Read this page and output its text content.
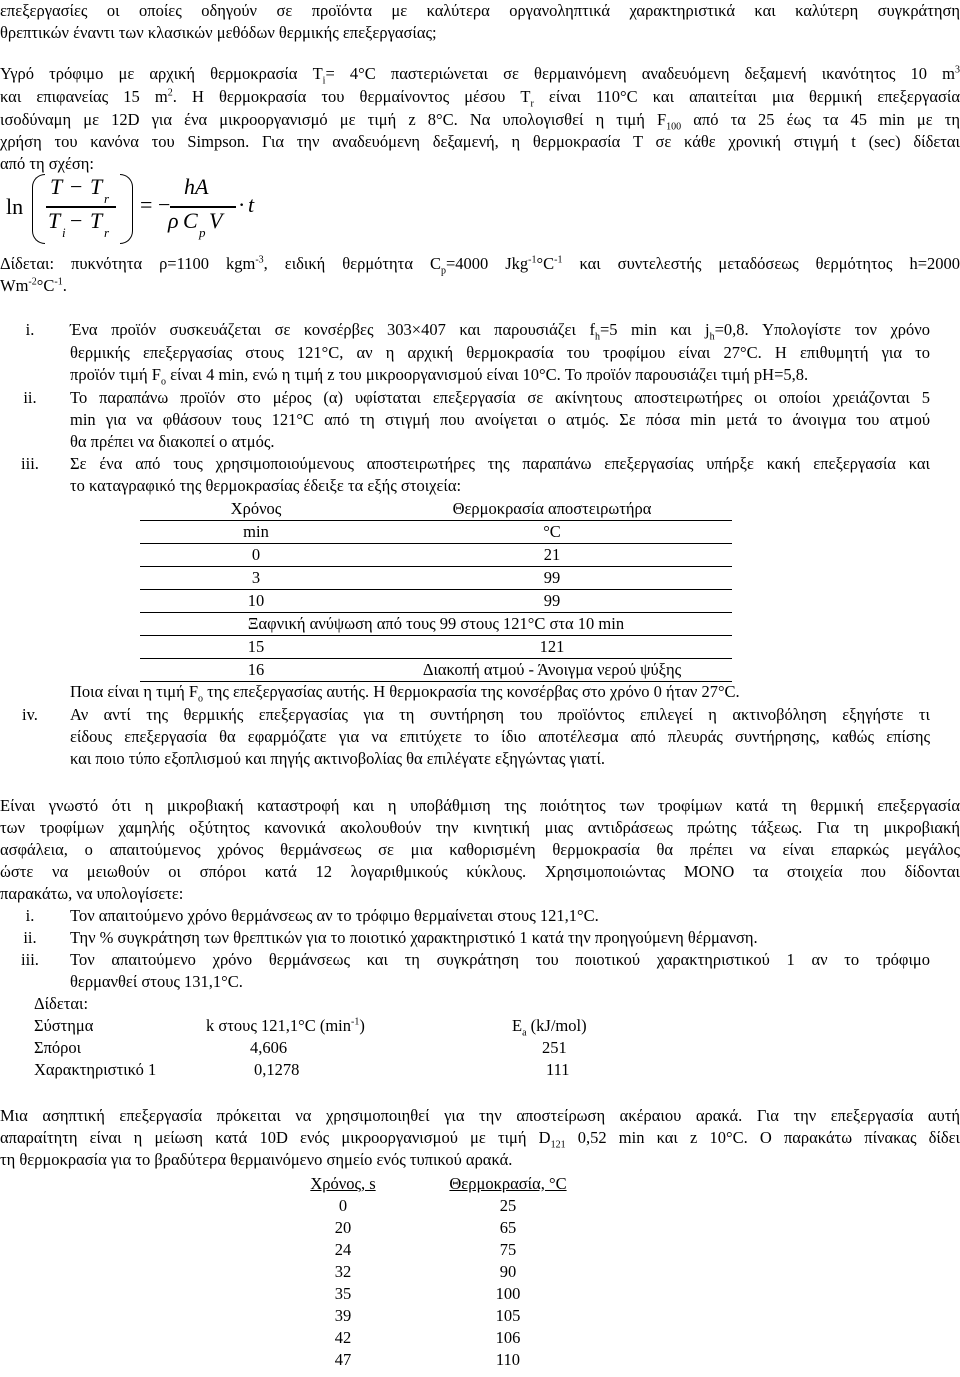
επεξεργασίες οι οποίες οδηγούν σε προϊόντα με καλύτερα οργανοληπτικά χαρακτηριστικά και καλύτερη συγκράτηση

θρεπτικών έναντι των κλασικών μεθόδων θερμικής επεξεργασίας;

Υγρό τρόφιμο με αρχική θερμοκρασία $T_i= 4^\circ C$ παστεριώνεται σε θερμαινόμενη αναδευόμενη δεξαμενή ικανότητος 10 $m^3$

και επιφανείας 15 $m^2$. Η θερμοκρασία του θερμαίνοντος μέσου $T_r$ είναι 110°C και απαιτείται μια θερμική επεξεργασία

ισοδύναμη με 12D για ένα μικροοργανισμό με τιμή z 8°C. Να υπολογισθεί η τιμή $F_{100}$ από τα 25 έως τα 45 min με τη

χρήση του κανόνα του Simpson. Για την αναδευόμενη δεξαμενή, η θερμοκρασία T σε κάθε χρονική στιγμή t (sec) δίδεται

από τη σχέση:

ln
T − T r
T i − T r
= −
hA
ρ C p V
· t

Δίδεται: πυκνότητα ρ=1100 kgm$^{-3}$, ειδική θερμότητα $C_p=4000$ $Jkg^{-1}^\circ C^{-1}$ και συντελεστής μεταδόσεως θερμότητος h=2000

$Wm^{-2}^\circ C^{-1}$.

i.	Ένα προϊόν συσκευάζεται σε κονσέρβες 303×407 και παρουσιάζει $f_h=5$ min και $j_h=0,8$. Υπολογίστε τον χρόνο

θερμικής επεξεργασίας στους 121°C, αν η αρχική θερμοκρασία του τροφίμου είναι 27°C. Η επιθυμητή για το

προϊόν τιμή $F_o$ είναι 4 min, ενώ η τιμή z του μικροοργανισμού είναι 10°C. Το προϊόν παρουσιάζει τιμή pH=5,8.

ii.	Το παραπάνω προϊόν στο μέρος (α) υφίσταται επεξεργασία σε ακίνητους αποστειρωτήρες οι οποίοι χρειάζονται 5

min για να φθάσουν τους 121°C από τη στιγμή που ανοίγεται ο ατμός. Σε πόσα min μετά το άνοιγμα του ατμού

θα πρέπει να διακοπεί ο ατμός.

iii.	Σε ένα από τους χρησιμοποιούμενους αποστειρωτήρες της παραπάνω επεξεργασίας υπήρξε κακή επεξεργασία και

το καταγραφικό της θερμοκρασίας έδειξε τα εξής στοιχεία:

Χρόνος	Θερμοκρασία αποστειρωτήρα
min	°C
0	21
3	99
10	99
Ξαφνική ανύψωση από τους 99 στους 121°C στα 10 min	
15	121
16	Διακοπή ατμού - Άνοιγμα νερού ψύξης

Ποια είναι η τιμή $F_o$ της επεξεργασίας αυτής. Η θερμοκρασία της κονσέρβας στο χρόνο 0 ήταν 27°C.

iv.	Αν αντί της θερμικής επεξεργασίας για τη συντήρηση του προϊόντος επιλεγεί η ακτινοβόληση εξηγήστε τι

είδους επεξεργασία θα εφαρμόζατε για να επιτύχετε το ίδιο αποτέλεσμα από πλευράς συντήρησης, καθώς επίσης

και ποιο τύπο εξοπλισμού και πηγής ακτινοβολίας θα επιλέγατε εξηγώντας γιατί.

Είναι γνωστό ότι η μικροβιακή καταστροφή και η υποβάθμιση της ποιότητος των τροφίμων κατά τη θερμική επεξεργασία

των τροφίμων χαμηλής οξύτητος κανονικά ακολουθούν την κινητική μιας αντιδράσεως πρώτης τάξεως. Για τη μικροβιακή

ασφάλεια, ο απαιτούμενος χρόνος θερμάνσεως σε μια καθορισμένη θερμοκρασία θα πρέπει να είναι επαρκώς μεγάλος

ώστε να μειωθούν οι σπόροι κατά 12 λογαριθμικούς κύκλους. Χρησιμοποιώντας ΜΟΝΟ τα στοιχεία που δίδονται

παρακάτω, να υπολογίσετε:

i.	Τον απαιτούμενο χρόνο θερμάνσεως αν το τρόφιμο θερμαίνεται στους 121,1°C.

ii.	Την % συγκράτηση των θρεπτικών για το ποιοτικό χαρακτηριστικό 1 κατά την προηγούμενη θέρμανση.

iii.	Τον απαιτούμενο χρόνο θερμάνσεως και τη συγκράτηση του ποιοτικού χαρακτηριστικού 1 αν το τρόφιμο

θερμανθεί στους 131,1°C.

Δίδεται:

Σύστημα	k στους 121,1°C $(\min^{-1})$	$E_a$ (kJ/mol)
Σπόροι	4,606	251
Χαρακτηριστικό 1	0,1278	111

Μια ασηπτική επεξεργασία πρόκειται να χρησιμοποιηθεί για την αποστείρωση ακέραιου αρακά. Για την επεξεργασία αυτή

απαραίτητη είναι η μείωση κατά 10D ενός μικροοργανισμού με τιμή $D_{121}$ 0,52 min και z 10°C. Ο παρακάτω πίνακας δίδει

τη θερμοκρασία για το βραδύτερα θερμαινόμενο σημείο ενός τυπικού αρακά.

Χρόνος, s	Θερμοκρασία, °C
0	25
20	65
24	75
32	90
35	100
39	105
42	106
47	110
